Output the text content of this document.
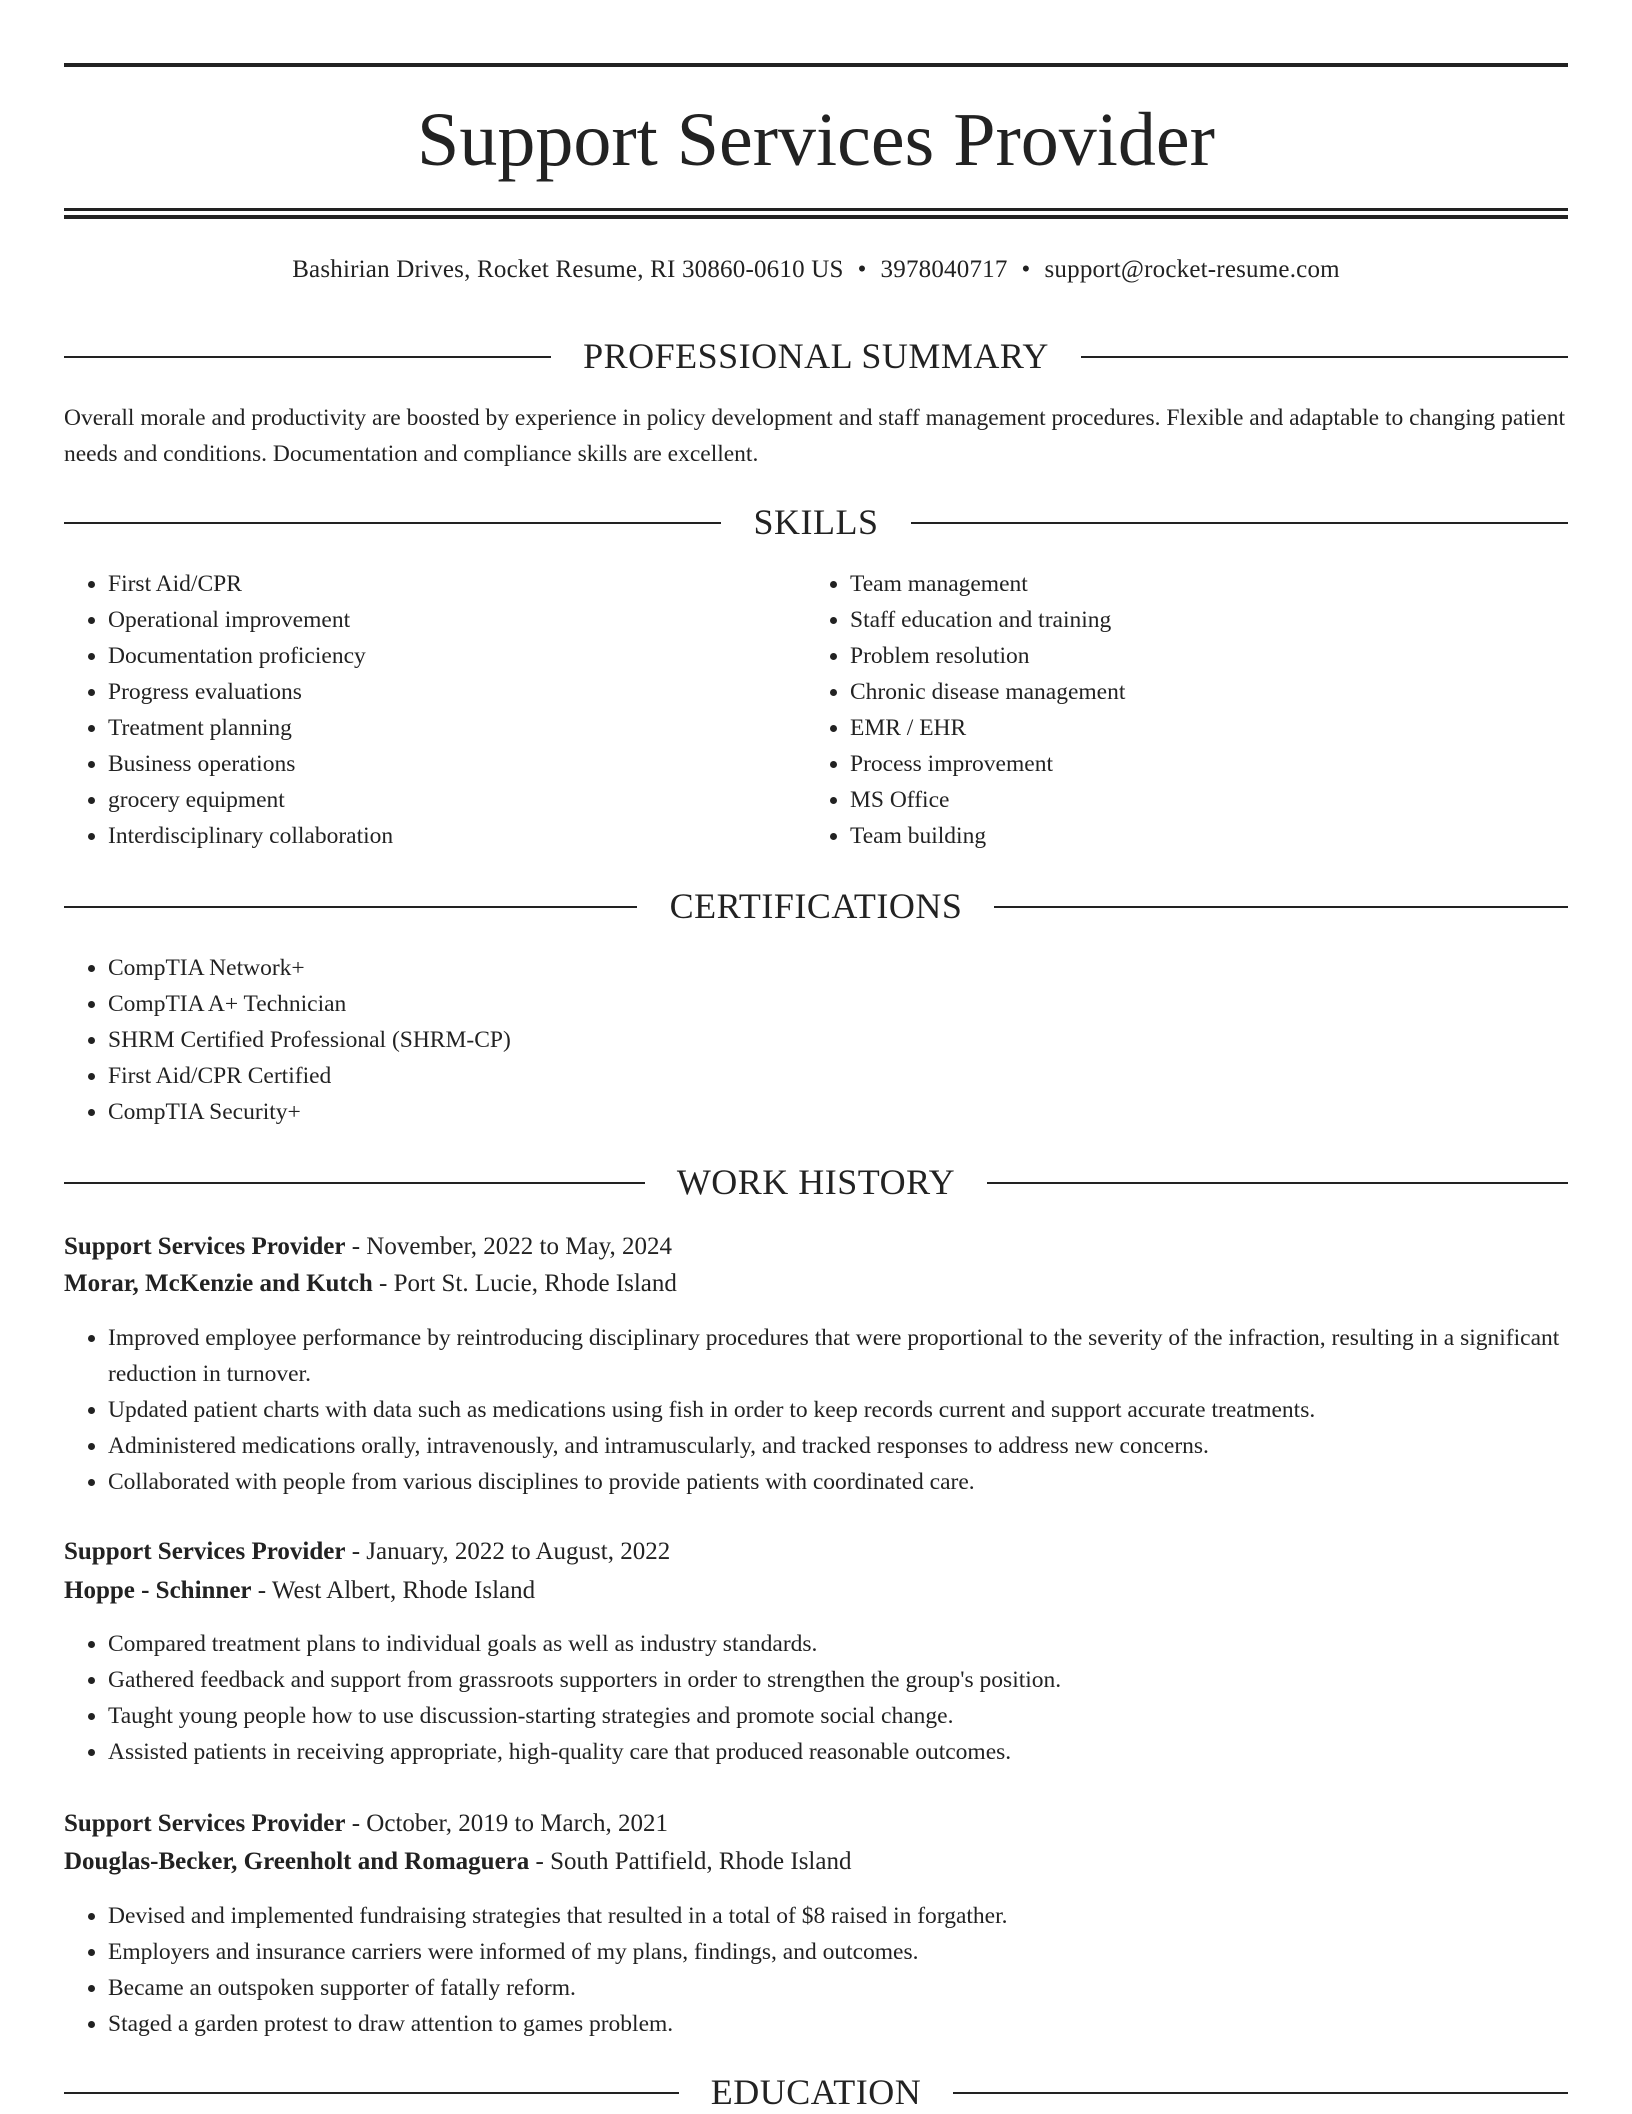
Support Services Provider
Bashirian Drives, Rocket Resume, RI 30860-0610 US • 3978040717 • support@rocket-resume.com
PROFESSIONAL SUMMARY

Overall morale and productivity are boosted by experience in policy development and staff management procedures. Flexible and adaptable to changing patient needs and conditions. Documentation and compliance skills are excellent.

SKILLS
• First Aid/CPR
• Operational improvement
• Documentation proficiency
• Progress evaluations
• Treatment planning
• Business operations
• grocery equipment
• Interdisciplinary collaboration
• Team management
• Staff education and training
• Problem resolution
• Chronic disease management
• EMR / EHR
• Process improvement
• MS Office
• Team building
CERTIFICATIONS
• CompTIA Network+
• CompTIA A+ Technician
• SHRM Certified Professional (SHRM-CP)
• First Aid/CPR Certified
• CompTIA Security+
WORK HISTORY
Support Services Provider - November, 2022 to May, 2024
Morar, McKenzie and Kutch - Port St. Lucie, Rhode Island
• Improved employee performance by reintroducing disciplinary procedures that were proportional to the severity of the infraction, resulting in a significant reduction in turnover.
• Updated patient charts with data such as medications using fish in order to keep records current and support accurate treatments.
• Administered medications orally, intravenously, and intramuscularly, and tracked responses to address new concerns.
• Collaborated with people from various disciplines to provide patients with coordinated care.
Support Services Provider - January, 2022 to August, 2022
Hoppe - Schinner - West Albert, Rhode Island
• Compared treatment plans to individual goals as well as industry standards.
• Gathered feedback and support from grassroots supporters in order to strengthen the group's position.
• Taught young people how to use discussion-starting strategies and promote social change.
• Assisted patients in receiving appropriate, high-quality care that produced reasonable outcomes.
Support Services Provider - October, 2019 to March, 2021
Douglas-Becker, Greenholt and Romaguera - South Pattifield, Rhode Island
• Devised and implemented fundraising strategies that resulted in a total of $8 raised in forgather.
• Employers and insurance carriers were informed of my plans, findings, and outcomes.
• Became an outspoken supporter of fatally reform.
• Staged a garden protest to draw attention to games problem.
EDUCATION
